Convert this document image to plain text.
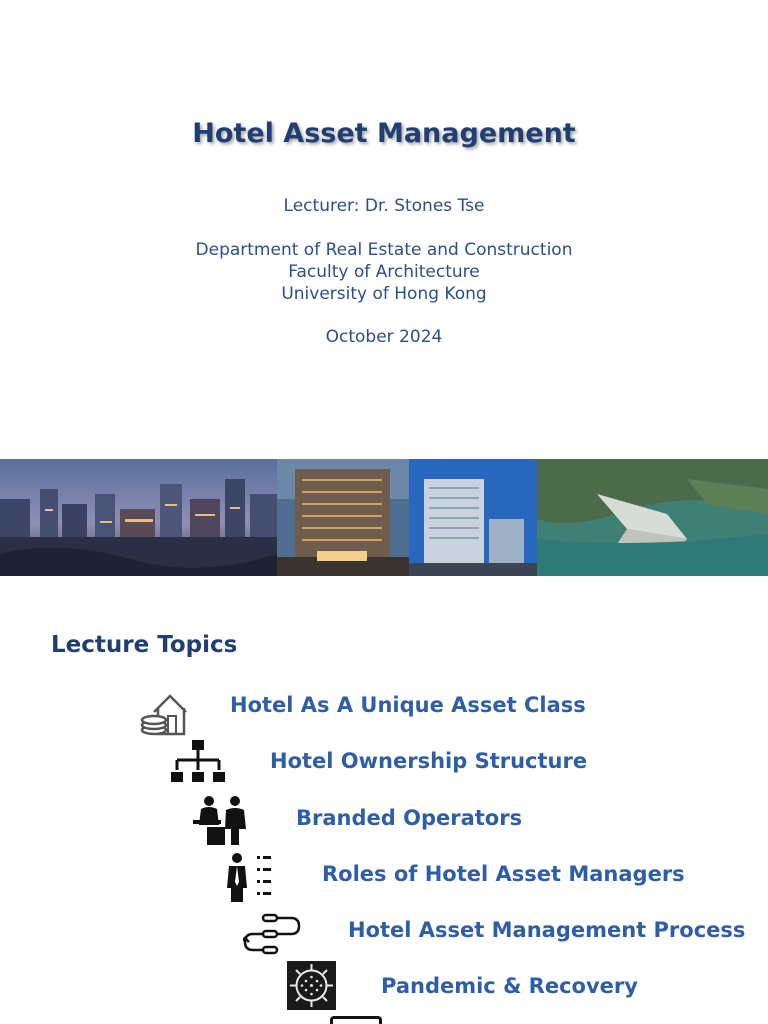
Hotel Asset Management
Lecturer: Dr. Stones Tse
Department of Real Estate and Construction
Faculty of Architecture
University of Hong Kong
October 2024
Lecture Topics
Hotel As A Unique Asset Class
Hotel Ownership Structure
Branded Operators
Roles of Hotel Asset Managers
Hotel Asset Management Process
Pandemic & Recovery
